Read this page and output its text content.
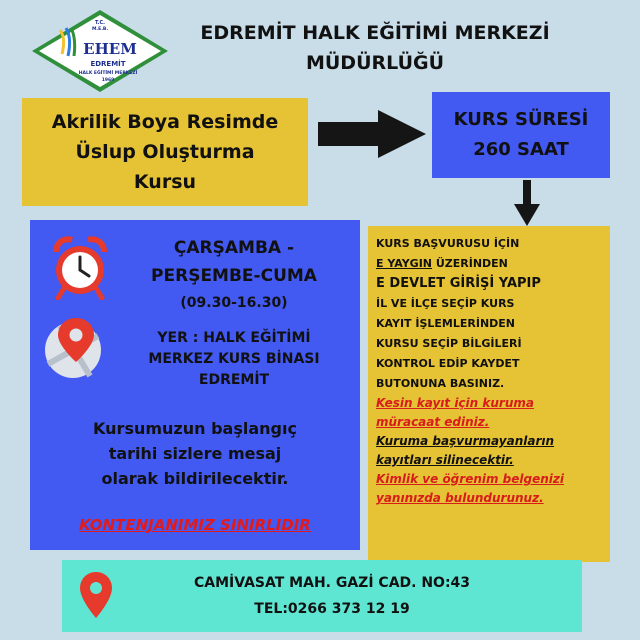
T.C.
M.E.B.
EHEM
EDREMİT
HALK EĞİTİMİ MERKEZİ
1969
EDREMİT HALK EĞİTİMİ MERKEZİ
MÜDÜRLÜĞÜ
Akrilik Boya Resimde
Üslup Oluşturma
Kursu
KURS SÜRESİ
260 SAAT
ÇARŞAMBA -
PERŞEMBE-CUMA
(09.30-16.30)
YER : HALK EĞİTİMİ
MERKEZ KURS BİNASI
EDREMİT
Kursumuzun başlangıç
tarihi sizlere mesaj
olarak bildirilecektir.
KONTENJANIMIZ SINIRLIDIR
KURS BAŞVURUSU İÇİN
E YAYGIN ÜZERİNDEN
E DEVLET GİRİŞİ YAPIP
İL VE İLÇE SEÇİP KURS
KAYIT İŞLEMLERİNDEN
KURSU SEÇİP BİLGİLERİ
KONTROL EDİP KAYDET
BUTONUNA BASINIZ.
Kesin kayıt için kuruma
müracaat ediniz.
Kuruma başvurmayanların
kayıtları silinecektir.
Kimlik ve öğrenim belgenizi
yanınızda bulundurunuz.
CAMİVASAT MAH. GAZİ CAD. NO:43
TEL:0266 373 12 19
